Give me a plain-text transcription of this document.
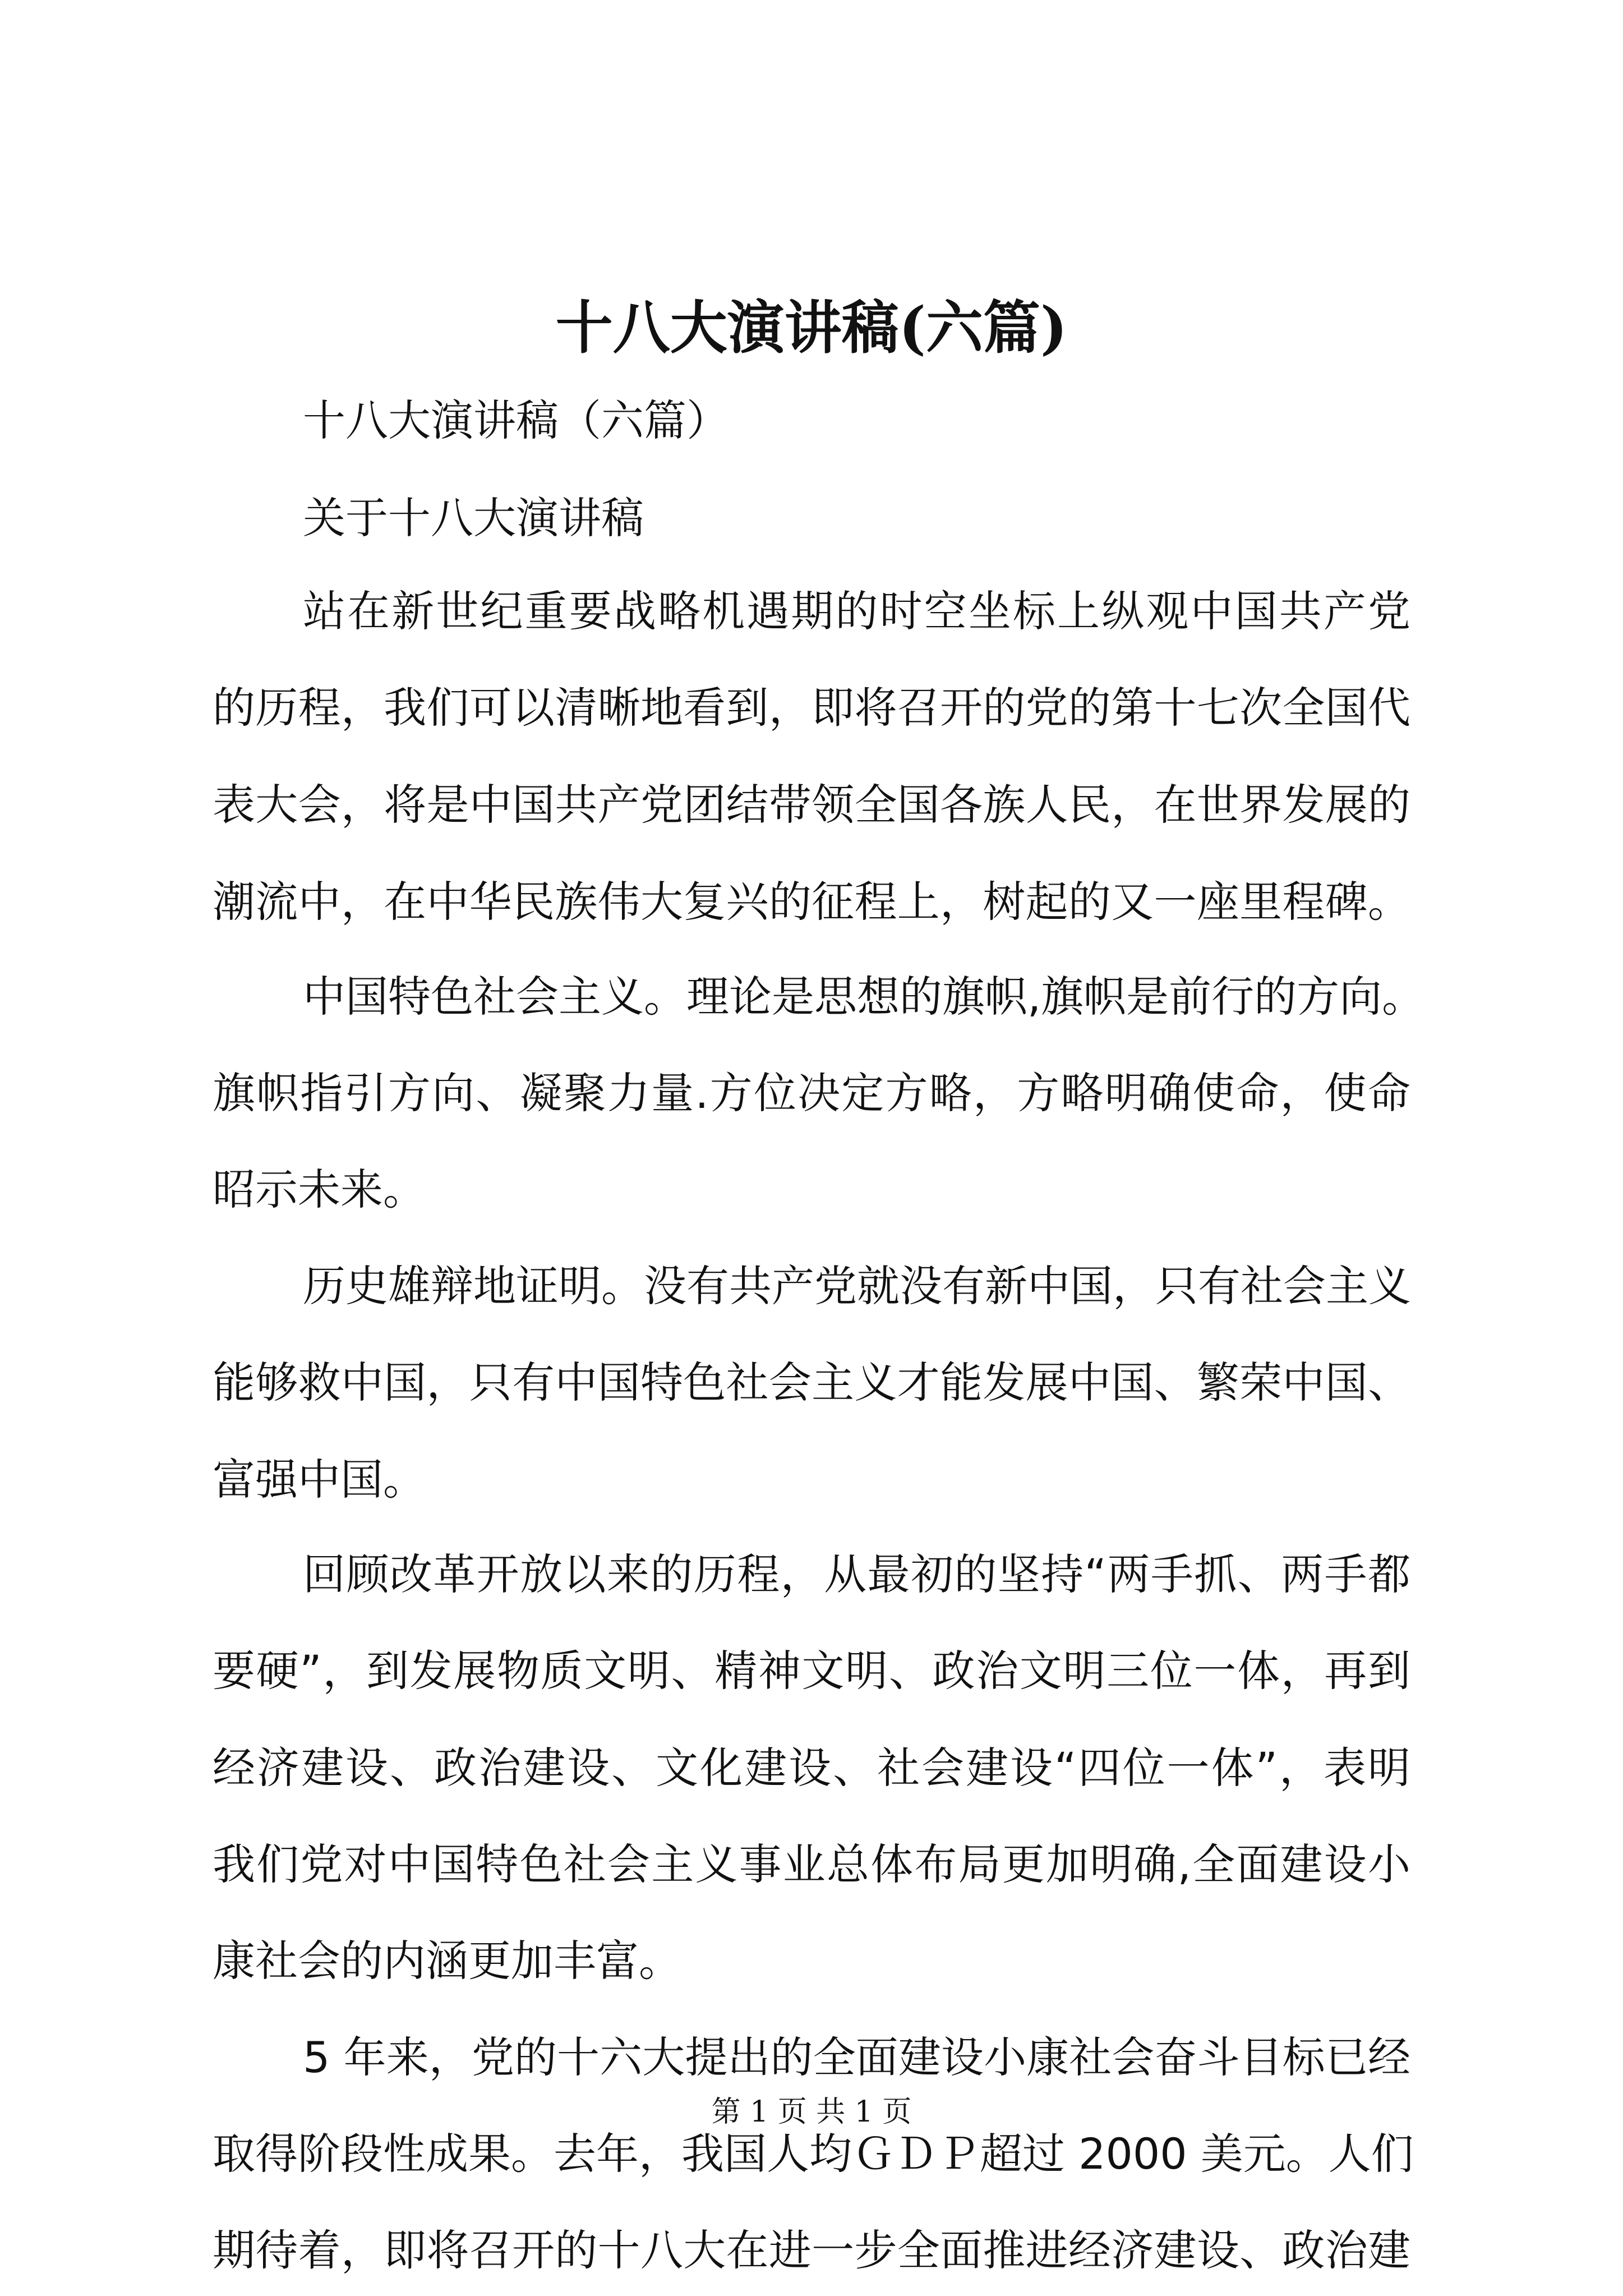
十八大演讲稿(六篇)
十八大演讲稿（六篇）
关于十八大演讲稿
站在新世纪重要战略机遇期的时空坐标上纵观中国共产党
的历程，我们可以清晰地看到，即将召开的党的第十七次全国代
表大会，将是中国共产党团结带领全国各族人民，在世界发展的
潮流中，在中华民族伟大复兴的征程上，树起的又一座里程碑。
中国特色社会主义。理论是思想的旗帜,旗帜是前行的方向。
旗帜指引方向、凝聚力量.方位决定方略，方略明确使命，使命
昭示未来。
历史雄辩地证明。没有共产党就没有新中国，只有社会主义
能够救中国，只有中国特色社会主义才能发展中国、繁荣中国、
富强中国。
回顾改革开放以来的历程，从最初的坚持“两手抓、两手都
要硬”，到发展物质文明、精神文明、政治文明三位一体，再到
经济建设、政治建设、文化建设、社会建设“四位一体”，表明
我们党对中国特色社会主义事业总体布局更加明确,全面建设小
康社会的内涵更加丰富。
5 年来，党的十六大提出的全面建设小康社会奋斗目标已经
取得阶段性成果。去年，我国人均ＧＤＰ超过 2000 美元。人们
期待着，即将召开的十八大在进一步全面推进经济建设、政治建
第 1 页 共 1 页
